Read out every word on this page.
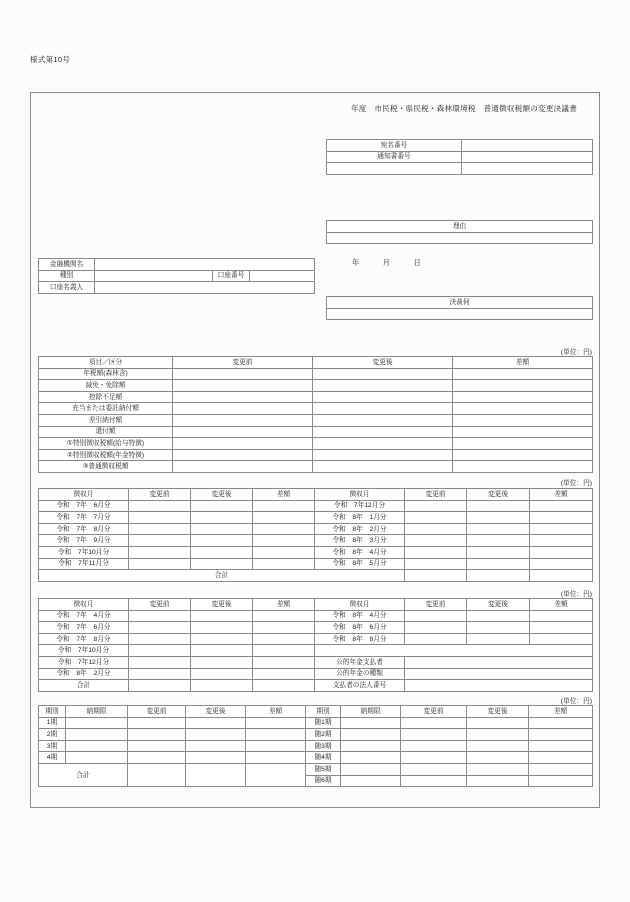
様式第10号
年度　市民税・県民税・森林環境税　普通徴収税額の変更決議書
宛名番号	
通知書番号	

理由

年　　　月　　　日
決裁伺

金融機関名			
種別		口座番号	
口座名義人			
(単位：円)
項目／区分	変更前	変更後	差額
年税額(森林含)			
減免・免除額			
控除不足額			
充当または委託納付額			
差引納付額			
還付額			
①特別徴収税額(給与特徴)			
②特別徴収税額(年金特徴)			
③普通徴収税額			
(単位：円)
徴収月	変更前	変更後	差額	徴収月	変更前	変更後	差額
令和　7年　6月分				令和　7年12月分			
令和　7年　7月分				令和　8年　1月分			
令和　7年　8月分				令和　8年　2月分			
令和　7年　9月分				令和　8年　3月分			
令和　7年10月分				令和　8年　4月分			
令和　7年11月分				令和　8年　5月分			
合計							
(単位：円)
徴収月	変更前	変更後	差額	徴収月	変更前	変更後	差額
令和　7年　4月分				令和　8年　4月分			
令和　7年　6月分				令和　8年　6月分			
令和　7年　8月分				令和　8年　8月分			
令和　7年10月分							
令和　7年12月分				公的年金支払者			
令和　8年　2月分				公的年金の種類			
合計				支払者の法人番号			
(単位：円)
期別	納期限	変更前	変更後	差額	期別	納期限	変更前	変更後	差額
1期					随1期				
2期					随2期				
3期					随3期				
4期					随4期				
合計					随5期				
					随6期				
